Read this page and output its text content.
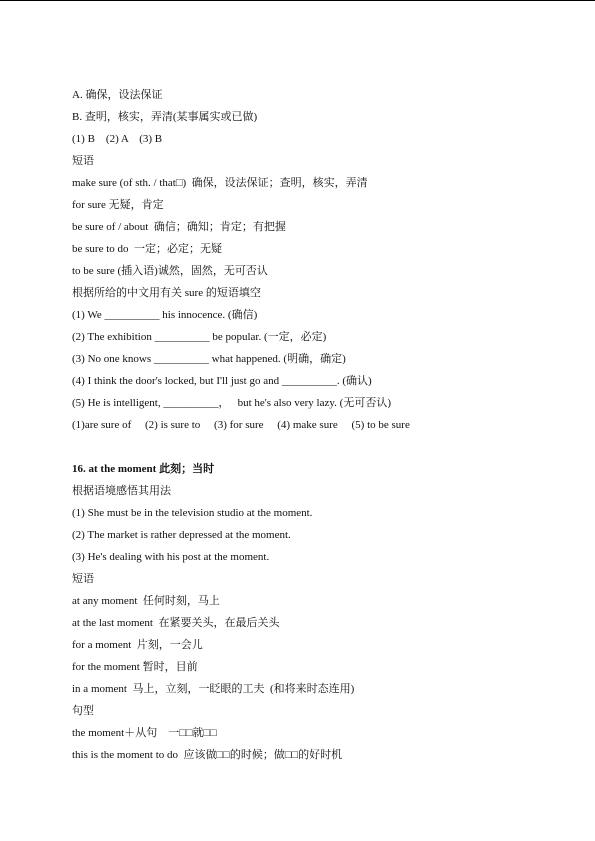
A. 确保，设法保证
B. 查明，核实，弄清(某事属实或已做)
(1) B    (2) A    (3) B
短语
make sure (of sth. / that□)  确保，设法保证；查明，核实，弄清
for sure 无疑，肯定
be sure of / about  确信；确知；肯定；有把握
be sure to do  一定；必定；无疑
to be sure (插入语)诚然，固然，无可否认
根据所给的中文用有关 sure 的短语填空
(1) We __________ his innocence. (确信)
(2) The exhibition __________ be popular. (一定，必定)
(3) No one knows __________ what happened. (明确，确定)
(4) I think the door's locked, but I'll just go and __________. (确认)
(5) He is intelligent, __________，   but he's also very lazy. (无可否认)
(1)are sure of     (2) is sure to     (3) for sure     (4) make sure     (5) to be sure
16. at the moment 此刻；当时
根据语境感悟其用法
(1) She must be in the television studio at the moment.
(2) The market is rather depressed at the moment.
(3) He's dealing with his post at the moment.
短语
at any moment  任何时刻，马上
at the last moment  在紧要关头，在最后关头
for a moment  片刻，一会儿
for the moment 暂时，目前
in a moment  马上，立刻，一眨眼的工夫  (和将来时态连用)
句型
the moment＋从句    一□□就□□
this is the moment to do  应该做□□的时候；做□□的好时机
